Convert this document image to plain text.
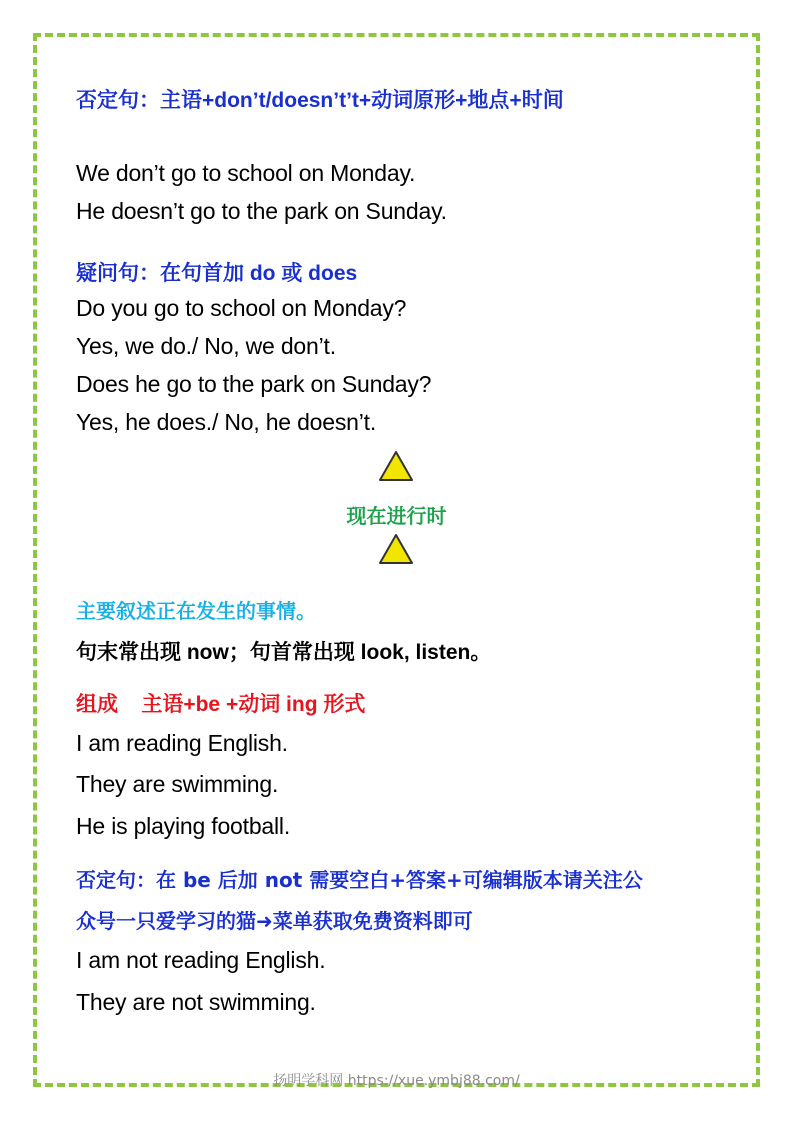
否定句：主语+don’t/doesn’t’t+动词原形+地点+时间
We don’t go to school on Monday.
He doesn’t go to the park on Sunday.
疑问句：在句首加 do 或 does
Do you go to school on Monday?
Yes, we do./ No, we don’t.
Does he go to the park on Sunday?
Yes, he does./ No, he doesn’t.
现在进行时
主要叙述正在发生的事情。
句末常出现 now；句首常出现 look, listen。
组成    主语+be +动词 ing 形式
I am reading English.
They are swimming.
He is playing football.
否定句：在 be 后加 not 需要空白+答案+可编辑版本请关注公
众号一只爱学习的猫➜菜单获取免费资料即可
I am not reading English.
They are not swimming.
扬明学科网 https://xue.ymbj88.com/
